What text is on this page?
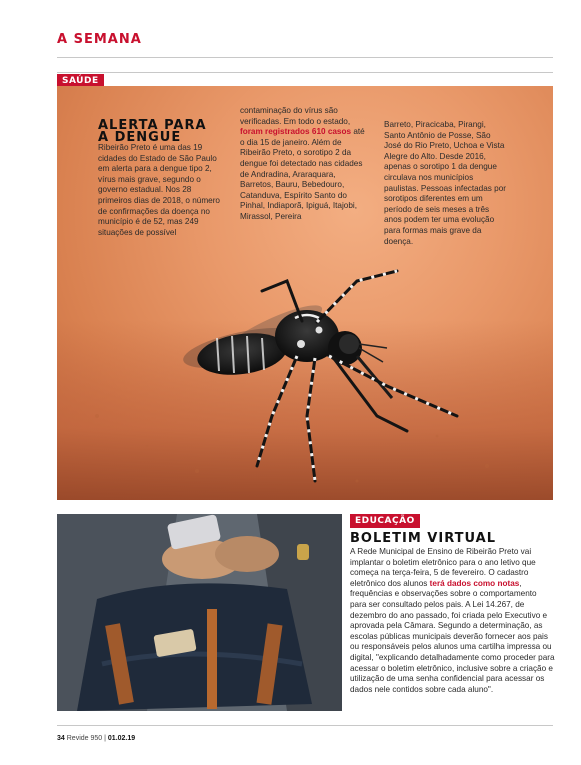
A SEMANA
SAÚDE
ALERTA PARA
A DENGUE

Ribeirão Preto é uma das 19 cidades do Estado de São Paulo em alerta para a dengue tipo 2, vírus mais grave, segundo o governo estadual. Nos 28 primeiros dias de 2018, o número de confirmações da doença no município é de 52, mas 249 situações de possível

contaminação do vírus são verificadas. Em todo o estado, foram registrados 610 casos até o dia 15 de janeiro. Além de Ribeirão Preto, o sorotipo 2 da dengue foi detectado nas cidades de Andradina, Araraquara, Barretos, Bauru, Bebedouro, Catanduva, Espírito Santo do Pinhal, Indiaporã, Ipiguá, Itajobi, Mirassol, Pereira

Barreto, Piracicaba, Pirangi, Santo Antônio de Posse, São José do Rio Preto, Uchoa e Vista Alegre do Alto. Desde 2016, apenas o sorotipo 1 da dengue circulava nos municípios paulistas. Pessoas infectadas por sorotipos diferentes em um período de seis meses a três anos podem ter uma evolução para formas mais grave da doença.

EDUCAÇÃO
BOLETIM VIRTUAL
A Rede Municipal de Ensino de Ribeirão Preto vai implantar o boletim eletrônico para o ano letivo que começa na terça-feira, 5 de fevereiro. O cadastro eletrônico dos alunos terá dados como notas, frequências e observações sobre o comportamento para ser consultado pelos pais. A Lei 14.267, de dezembro do ano passado, foi criada pelo Executivo e aprovada pela Câmara. Segundo a determinação, as escolas públicas municipais deverão fornecer aos pais ou responsáveis pelos alunos uma cartilha impressa ou digital, "explicando detalhadamente como proceder para acessar o boletim eletrônico, inclusive sobre a criação e utilização de uma senha confidencial para acessar os dados nele contidos sobre cada aluno".
34 Revide 950 | 01.02.19
